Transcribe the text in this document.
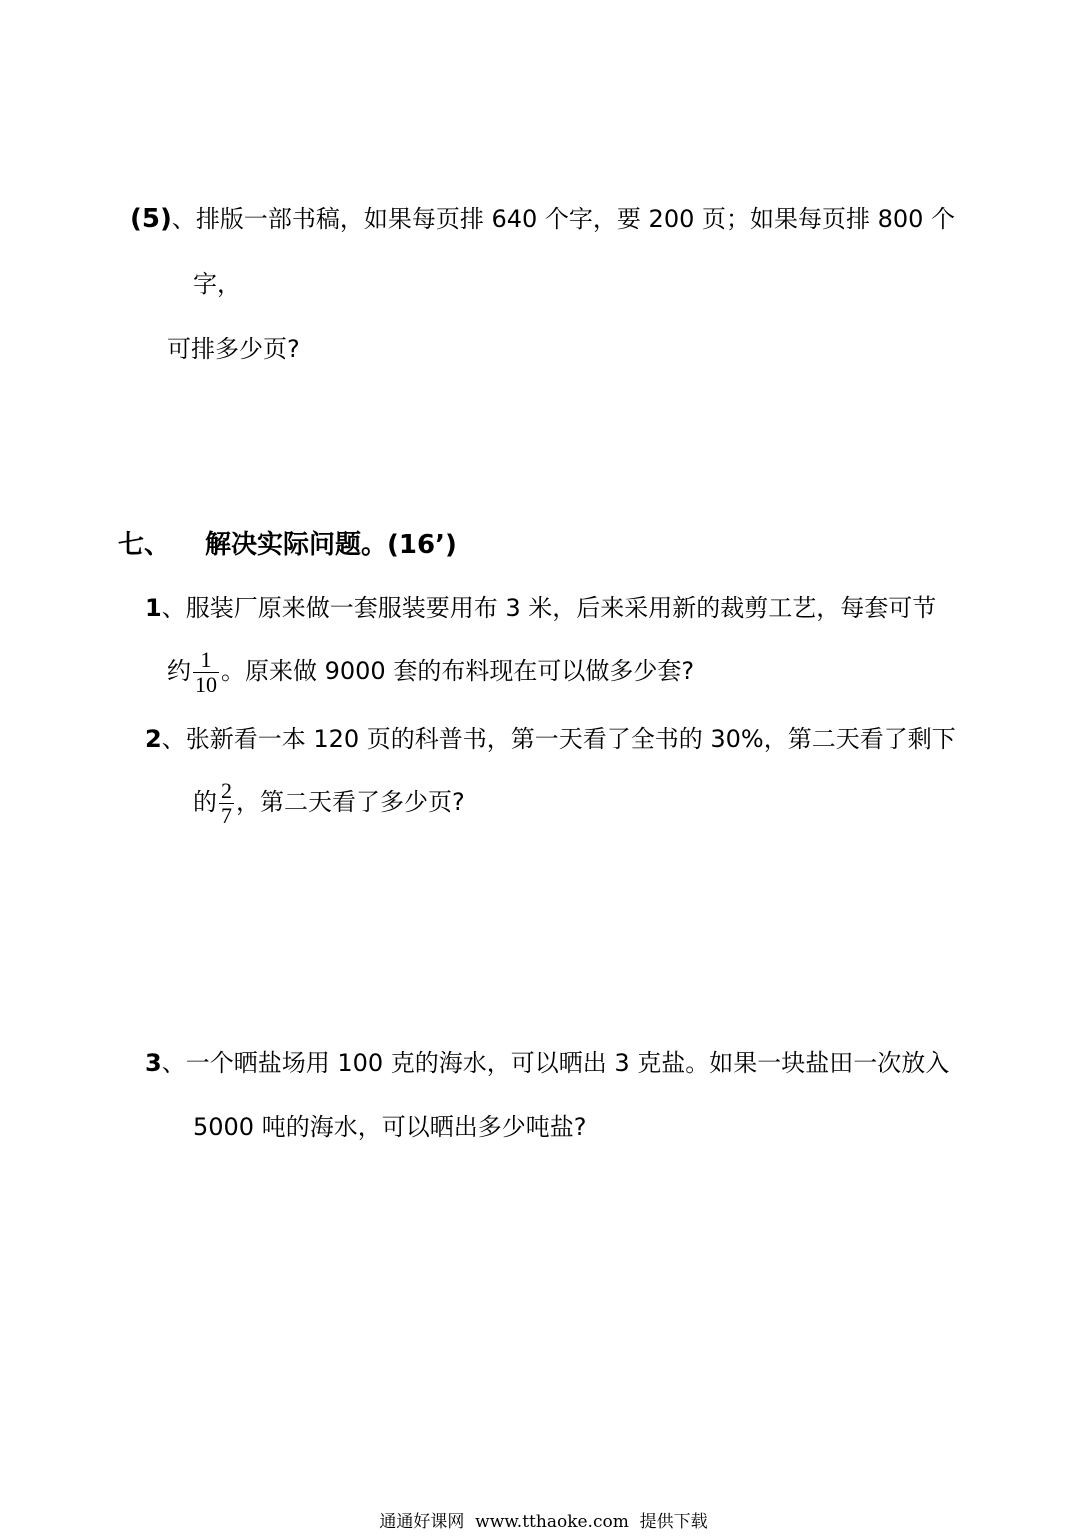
(5)、排版一部书稿，如果每页排 640 个字，要 200 页；如果每页排 800 个
字，
可排多少页?
七、 解决实际问题。(16’)
1、服装厂原来做一套服装要用布 3 米，后来采用新的裁剪工艺，每套可节
约 $\frac{1}{10}$ 。原来做 9000 套的布料现在可以做多少套?
2、张新看一本 120 页的科普书，第一天看了全书的 30%，第二天看了剩下
的 $\frac{2}{7}$ ，第二天看了多少页?
3、一个晒盐场用 100 克的海水，可以晒出 3 克盐。如果一块盐田一次放入
5000 吨的海水，可以晒出多少吨盐?
通通好课网  www.tthaoke.com  提供下载
